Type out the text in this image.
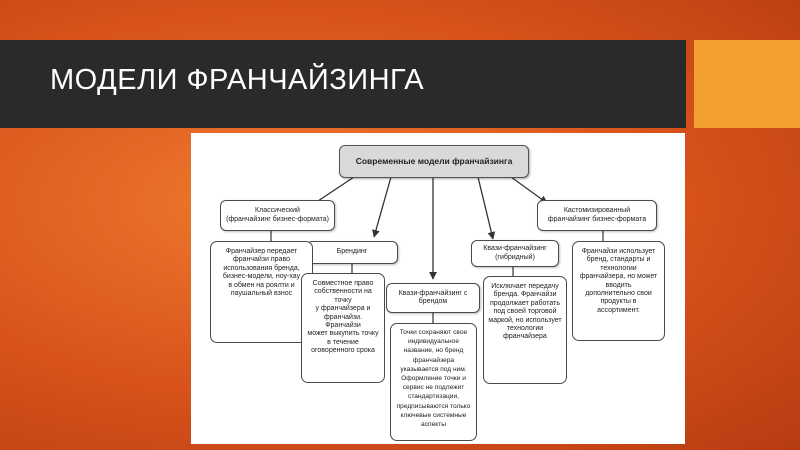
МОДЕЛИ ФРАНЧАЙЗИНГА
Современные модели франчайзинга
Классический
(франчайзинг бизнес-формата)
Брендинг
Квази-франчайзинг с
брендом
Квази-франчайзинг
(гибридный)
Кастомизированный
франчайзинг бизнес-формата
Франчайзер передает
франчайзи право
использования бренда,
бизнес-модели, ноу-хау
в обмен на роялти и
паушальный взнос
Совместное право
собственности на точку
у франчайзера и
франчайзи. Франчайзи
может выкупить точку
в течение
оговоренного срока
Точки сохраняют свое
индивидуальное
название, но бренд
франчайзера
указывается под ним.
Оформление точки и
сервис не подлежит
стандартизации,
предписываются только
ключевые системные
аспекты
Исключает передачу
бренда. Франчайзи
продолжает работать
под своей торговой
маркой, но использует
технологии
франчайзера
Франчайзи использует
бренд, стандарты и
технологии
франчайзера, но может
вводить
дополнительно свои
продукты в
ассортимент.
